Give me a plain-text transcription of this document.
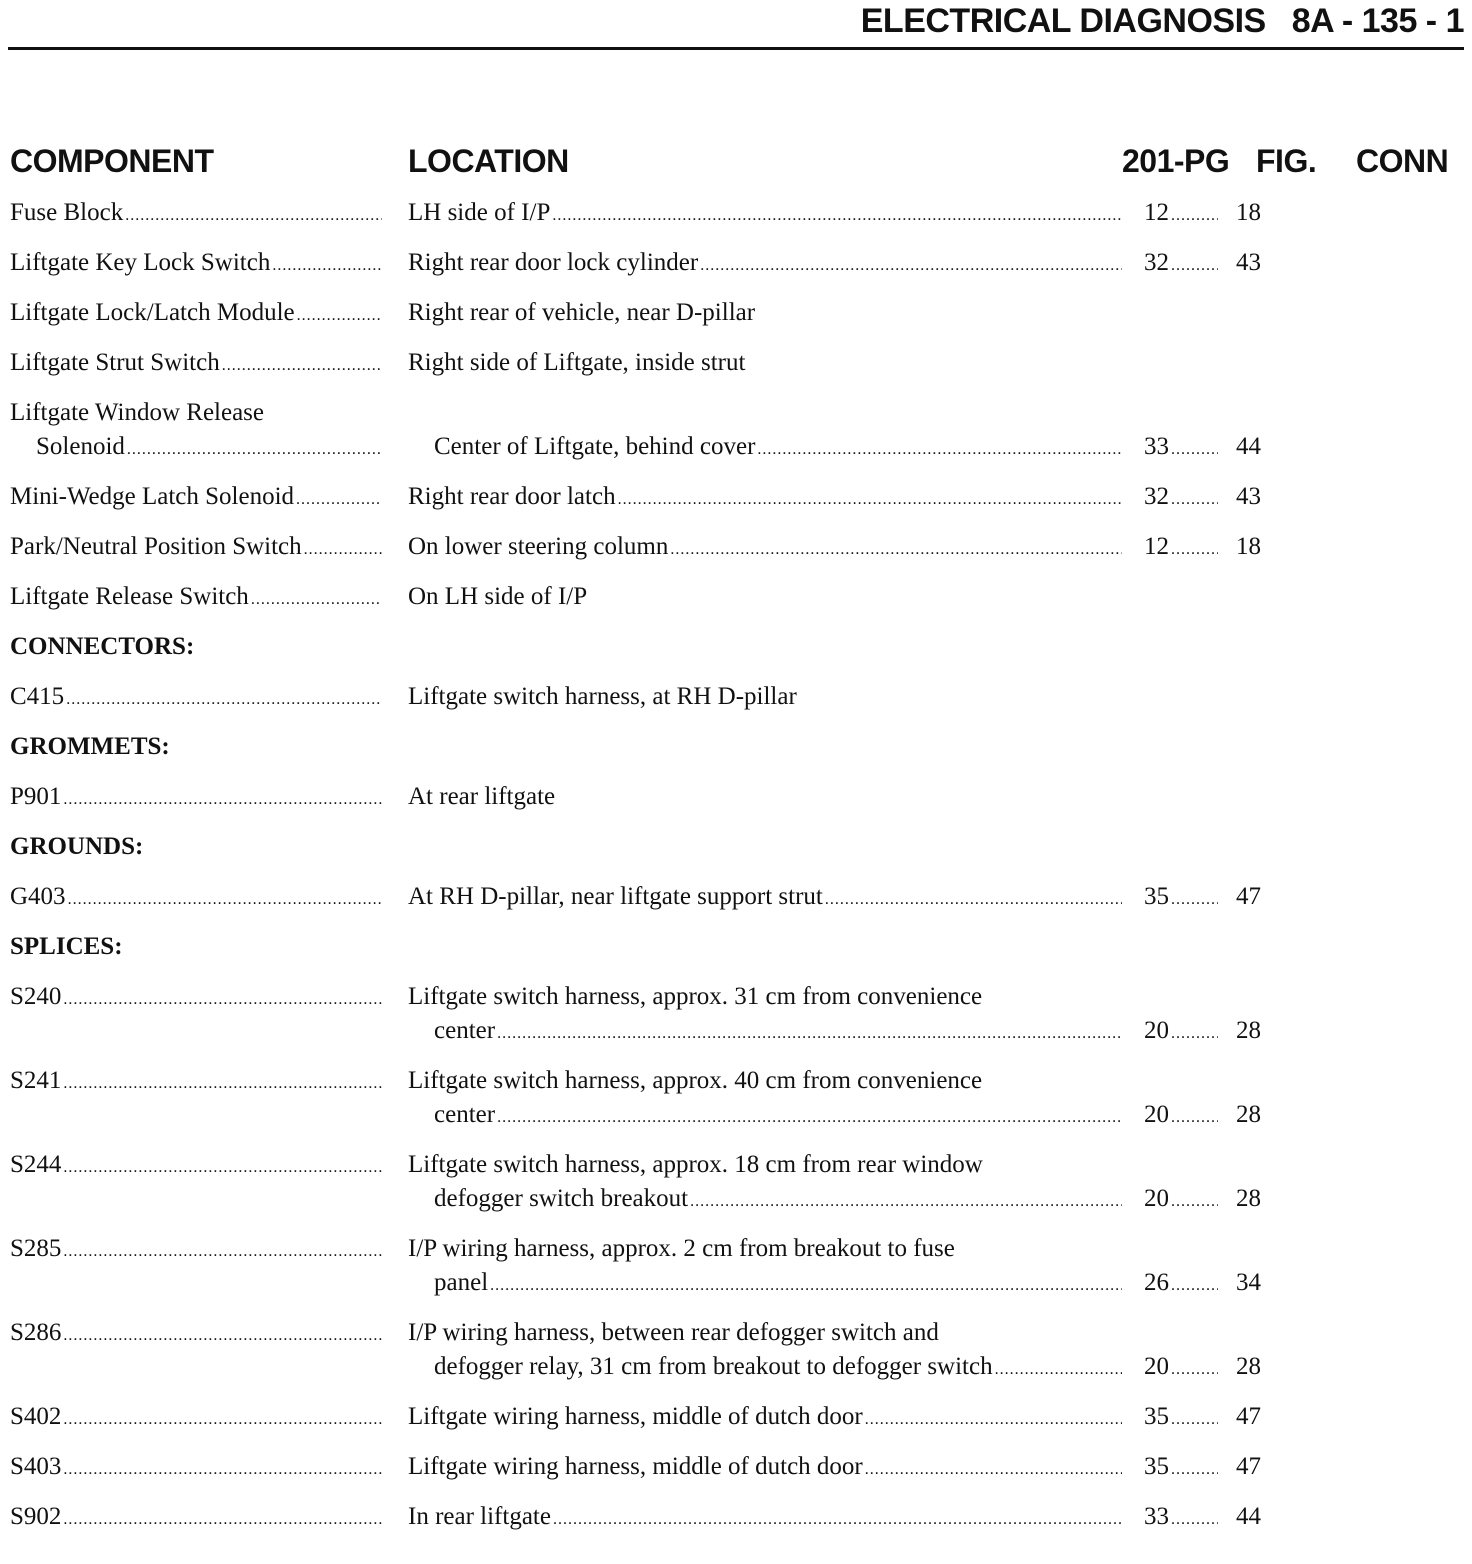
ELECTRICAL DIAGNOSIS 8A - 135 - 1
COMPONENT	LOCATION	201-PG FIG. CONN
Fuse Block .....	LH side of I/P .....	12 .....	18
Liftgate Key Lock Switch .....	Right rear door lock cylinder .....	32 .....	43
Liftgate Lock/Latch Module .....	Right rear of vehicle, near D-pillar
Liftgate Strut Switch .....	Right side of Liftgate, inside strut
Liftgate Window Release
Solenoid .....	Center of Liftgate, behind cover .....	33 .....	44
Mini-Wedge Latch Solenoid .....	Right rear door latch .....	32 .....	43
Park/Neutral Position Switch .....	On lower steering column .....	12 .....	18
Liftgate Release Switch .....	On LH side of I/P
CONNECTORS:
C415 .....	Liftgate switch harness, at RH D-pillar
GROMMETS:
P901 .....	At rear liftgate
GROUNDS:
G403 .....	At RH D-pillar, near liftgate support strut .....	35 .....	47
SPLICES:
S240 .....	Liftgate switch harness, approx. 31 cm from convenience
center .....	20 .....	28
S241 .....	Liftgate switch harness, approx. 40 cm from convenience
center .....	20 .....	28
S244 .....	Liftgate switch harness, approx. 18 cm from rear window
defogger switch breakout .....	20 .....	28
S285 .....	I/P wiring harness, approx. 2 cm from breakout to fuse
panel .....	26 .....	34
S286 .....	I/P wiring harness, between rear defogger switch and
defogger relay, 31 cm from breakout to defogger switch .....	20 .....	28
S402 .....	Liftgate wiring harness, middle of dutch door .....	35 .....	47
S403 .....	Liftgate wiring harness, middle of dutch door .....	35 .....	47
S902 .....	In rear liftgate .....	33 .....	44
